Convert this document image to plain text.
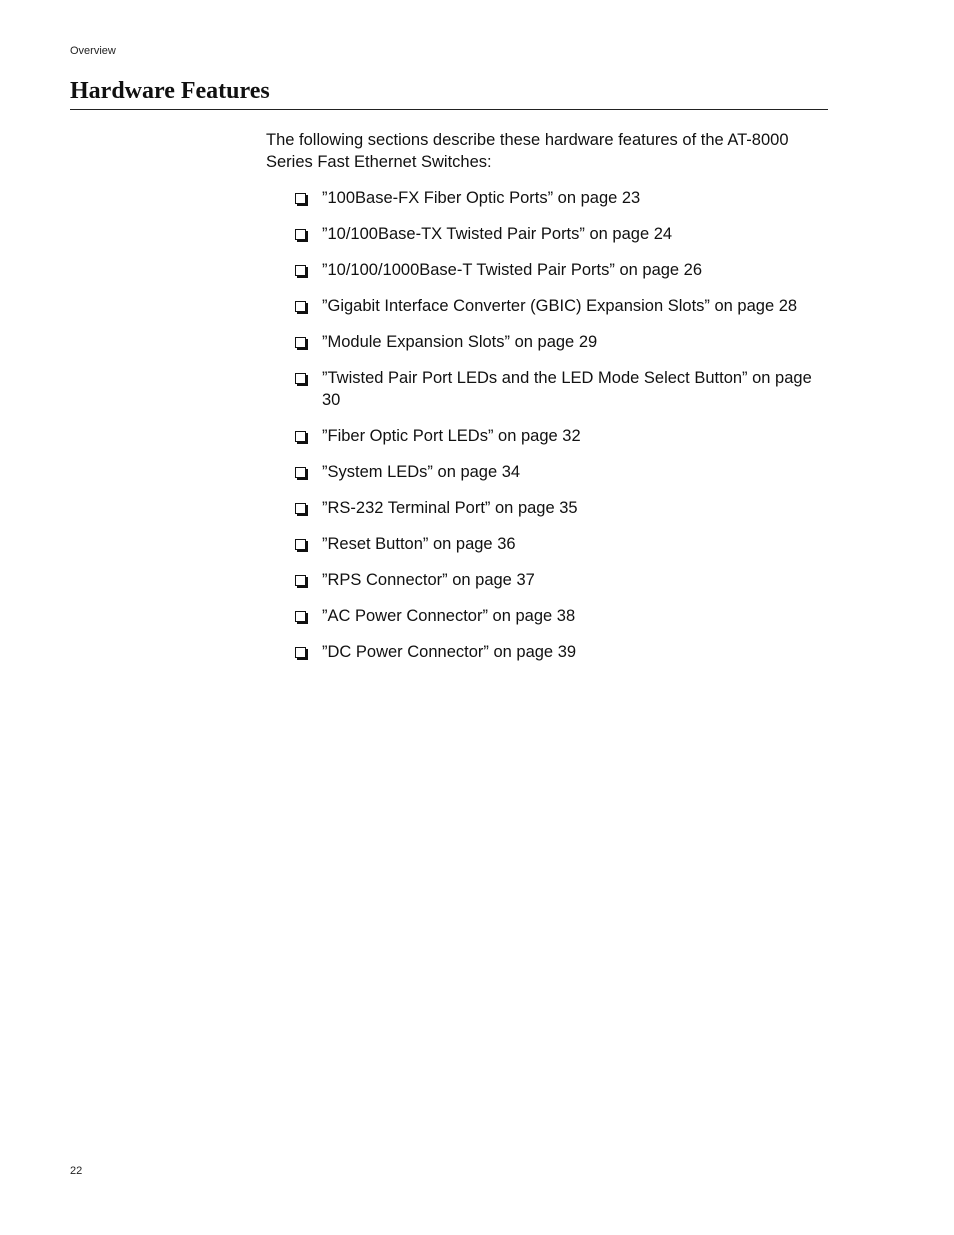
Overview
Hardware Features

The following sections describe these hardware features of the AT-8000 Series Fast Ethernet Switches:

”100Base-FX Fiber Optic Ports” on page 23
”10/100Base-TX Twisted Pair Ports” on page 24
”10/100/1000Base-T Twisted Pair Ports” on page 26
”Gigabit Interface Converter (GBIC) Expansion Slots” on page 28
”Module Expansion Slots” on page 29
”Twisted Pair Port LEDs and the LED Mode Select Button” on page 30
”Fiber Optic Port LEDs” on page 32
”System LEDs” on page 34
”RS-232 Terminal Port” on page 35
”Reset Button” on page 36
”RPS Connector” on page 37
”AC Power Connector” on page 38
”DC Power Connector” on page 39
22
